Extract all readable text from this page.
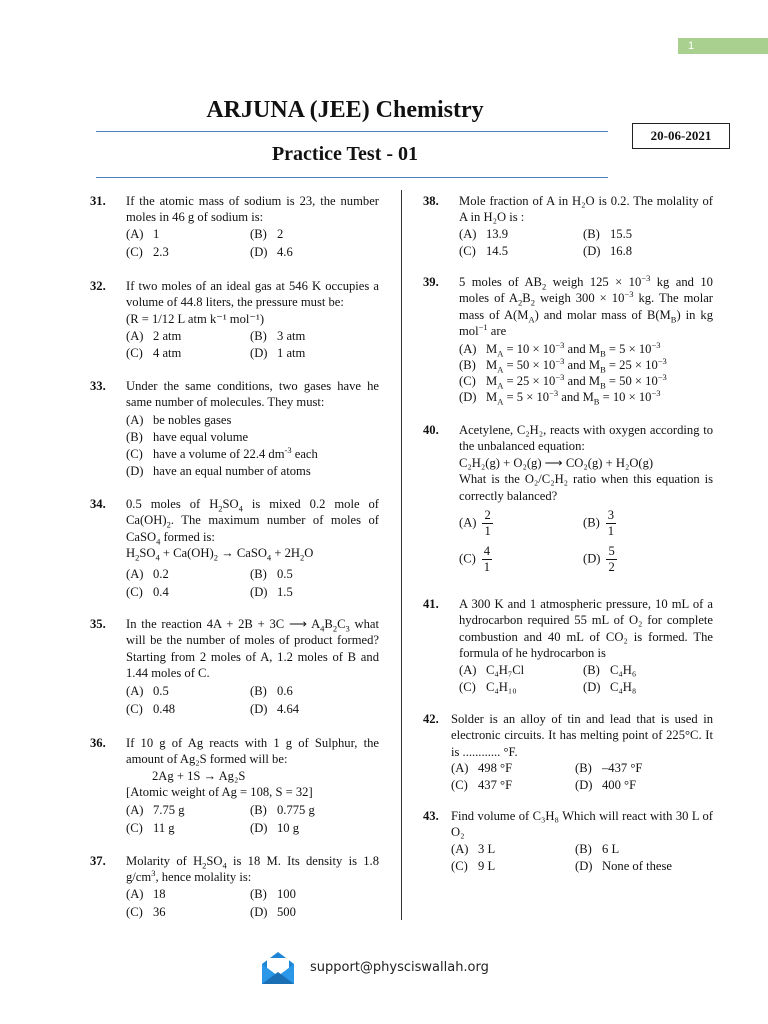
1
ARJUNA (JEE) Chemistry
Practice Test - 01
20-06-2021
31. If the atomic mass of sodium is 23, the number moles in 46 g of sodium is:
(A) 1	(B) 2
(C) 2.3	(D) 4.6
32. If two moles of an ideal gas at 546 K occupies a volume of 44.8 liters, the pressure must be:
(R = 1/12 L atm k⁻¹ mol⁻¹)
(A) 2 atm	(B) 3 atm
(C) 4 atm	(D) 1 atm
33. Under the same conditions, two gases have he same number of molecules. They must:
(A) be nobles gases
(B) have equal volume
(C) have a volume of 22.4 $dm^{-3}$ each
(D) have an equal number of atoms
34. 0.5 moles of $H_2SO_4$ is mixed 0.2 mole of $Ca(OH)_2$. The maximum number of moles of CaSO$_4$ formed is:
$H_2SO_4 + Ca(OH)_2$ → CaSO$_4$ + $2H_2O$
(A) 0.2	(B) 0.5
(C) 0.4	(D) 1.5
35. In the reaction 4A + 2B + 3C ⟶ $A_4B_2C_3$ what will be the number of moles of product formed? Starting from 2 moles of A, 1.2 moles of B and 1.44 moles of C.
(A) 0.5	(B) 0.6
(C) 0.48	(D) 4.64
36. If 10 g of Ag reacts with 1 g of Sulphur, the amount of Ag₂S formed will be:
2Ag + 1S → Ag₂S
[Atomic weight of Ag = 108, S = 32]
(A) 7.75 g	(B) 0.775 g
(C) 11 g	(D) 10 g
37. Molarity of $H_2SO_4$ is 18 M. Its density is 1.8 $g/cm^3$, hence molality is:
(A) 18	(B) 100
(C) 36	(D) 500
38. Mole fraction of A in H₂O is 0.2. The molality of A in H₂O is :
(A) 13.9	(B) 15.5
(C) 14.5	(D) 16.8
39. 5 moles of $AB_2$ weigh $125 \times 10^{-3}$ kg and 10 moles of $A_2B_2$ weigh $300 \times 10^{-3}$ kg. The molar mass of $A(M_A)$ and molar mass of $B(M_B)$ in kg mol$^{-1}$ are
(A) $M_A = 10 \times 10^{-3}$ and $M_B = 5 \times 10^{-3}$
(B) $M_A = 50 \times 10^{-3}$ and $M_B = 25 \times 10^{-3}$
(C) $M_A = 25 \times 10^{-3}$ and $M_B = 50 \times 10^{-3}$
(D) $M_A = 5 \times 10^{-3}$ and $M_B = 10 \times 10^{-3}$
40. Acetylene, C₂H₂, reacts with oxygen according to the unbalanced equation:
C₂H₂(g) + O₂(g) ⟶ CO₂(g) + H₂O(g)
What is the O₂/C₂H₂ ratio when this equation is correctly balanced?
$(A) \frac{2}{1}$	$(B) \frac{3}{1}$
$(C) \frac{4}{1}$	$(D) \frac{5}{2}$
41. A 300 K and 1 atmospheric pressure, 10 mL of a hydrocarbon required 55 mL of O₂ for complete combustion and 40 mL of CO₂ is formed. The formula of he hydrocarbon is
(A) C₄H₇Cl	(B) C₄H₆
(C) C₄H₁₀	(D) C₄H₈
42. Solder is an alloy of tin and lead that is used in electronic circuits. It has melting point of 225°C. It is ............ °F.
(A) 498 °F	(B) –437 °F
(C) 437 °F	(D) 400 °F
43. Find volume of C₃H₈ Which will react with 30 L of O₂
(A) 3 L	(B) 6 L
(C) 9 L	(D) None of these
support@physciswallah.org
